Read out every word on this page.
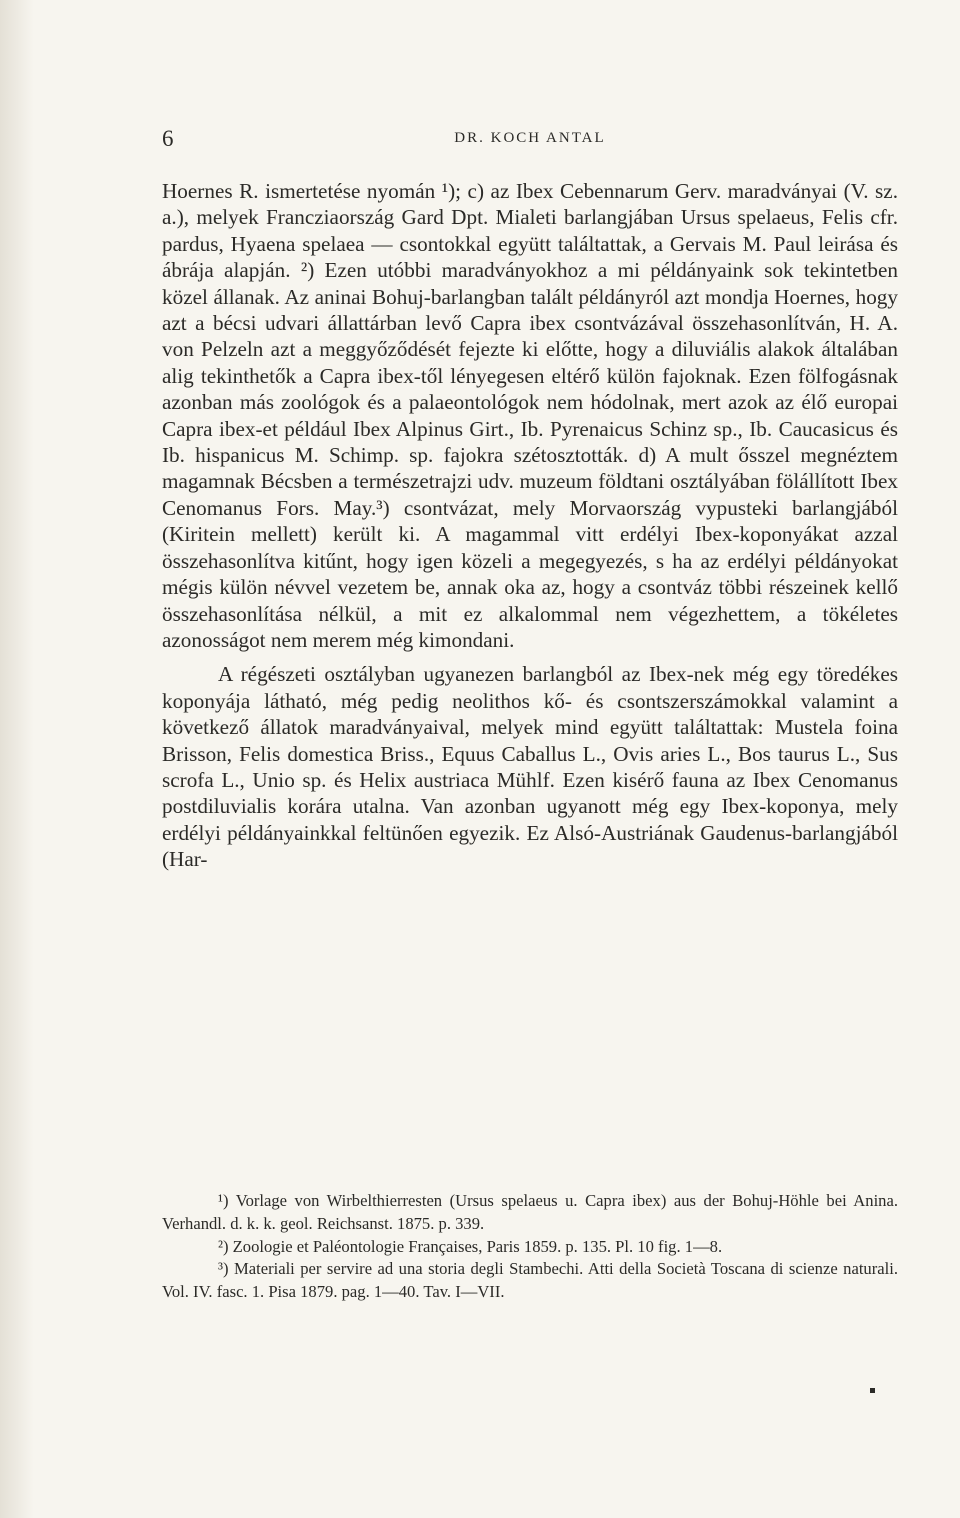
6	DR. KOCH ANTAL

Hoernes R. ismertetése nyomán ¹); c) az Ibex Cebennarum Gerv. maradványai (V. sz. a.), melyek Francziaország Gard Dpt. Mialeti barlangjában Ursus spelaeus, Felis cfr. pardus, Hyaena spelaea — csontokkal együtt találtattak, a Gervais M. Paul leirása és ábrája alapján. ²) Ezen utóbbi maradványokhoz a mi példányaink sok tekintetben közel állanak. Az aninai Bohuj-barlangban talált példányról azt mondja Hoernes, hogy azt a bécsi udvari állattárban levő Capra ibex csontvázával összehasonlítván, H. A. von Pelzeln azt a meggyőződését fejezte ki előtte, hogy a diluviális alakok általában alig tekinthetők a Capra ibex-től lényegesen eltérő külön fajoknak. Ezen fölfogásnak azonban más zoológok és a palaeontológok nem hódolnak, mert azok az élő europai Capra ibex-et például Ibex Alpinus Girt., Ib. Pyrenaicus Schinz sp., Ib. Caucasicus és Ib. hispanicus M. Schimp. sp. fajokra szétosztották. d) A mult ősszel megnéztem magamnak Bécsben a természetrajzi udv. muzeum földtani osztályában fölállított Ibex Cenomanus Fors. May.³) csontvázat, mely Morvaország vypusteki barlangjából (Kiritein mellett) került ki. A magammal vitt erdélyi Ibex-koponyákat azzal összehasonlítva kitűnt, hogy igen közeli a megegyezés, s ha az erdélyi példányokat mégis külön névvel vezetem be, annak oka az, hogy a csontváz többi részeinek kellő összehasonlítása nélkül, a mit ez alkalommal nem végezhettem, a tökéletes azonosságot nem merem még kimondani.

A régészeti osztályban ugyanezen barlangból az Ibex-nek még egy töredékes koponyája látható, még pedig neolithos kő- és csontszerszámokkal valamint a következő állatok maradványaival, melyek mind együtt találtattak: Mustela foina Brisson, Felis domestica Briss., Equus Caballus L., Ovis aries L., Bos taurus L., Sus scrofa L., Unio sp. és Helix austriaca Mühlf. Ezen kisérő fauna az Ibex Cenomanus postdiluvialis korára utalna. Van azonban ugyanott még egy Ibex-koponya, mely erdélyi példányainkkal feltünően egyezik. Ez Alsó-Austriának Gaudenus-barlangjából (Har-

¹) Vorlage von Wirbelthierresten (Ursus spelaeus u. Capra ibex) aus der Bohuj-Höhle bei Anina. Verhandl. d. k. k. geol. Reichsanst. 1875. p. 339.

²) Zoologie et Paléontologie Françaises, Paris 1859. p. 135. Pl. 10 fig. 1—8.

³) Materiali per servire ad una storia degli Stambechi. Atti della Società Toscana di scienze naturali. Vol. IV. fasc. 1. Pisa 1879. pag. 1—40. Tav. I—VII.
